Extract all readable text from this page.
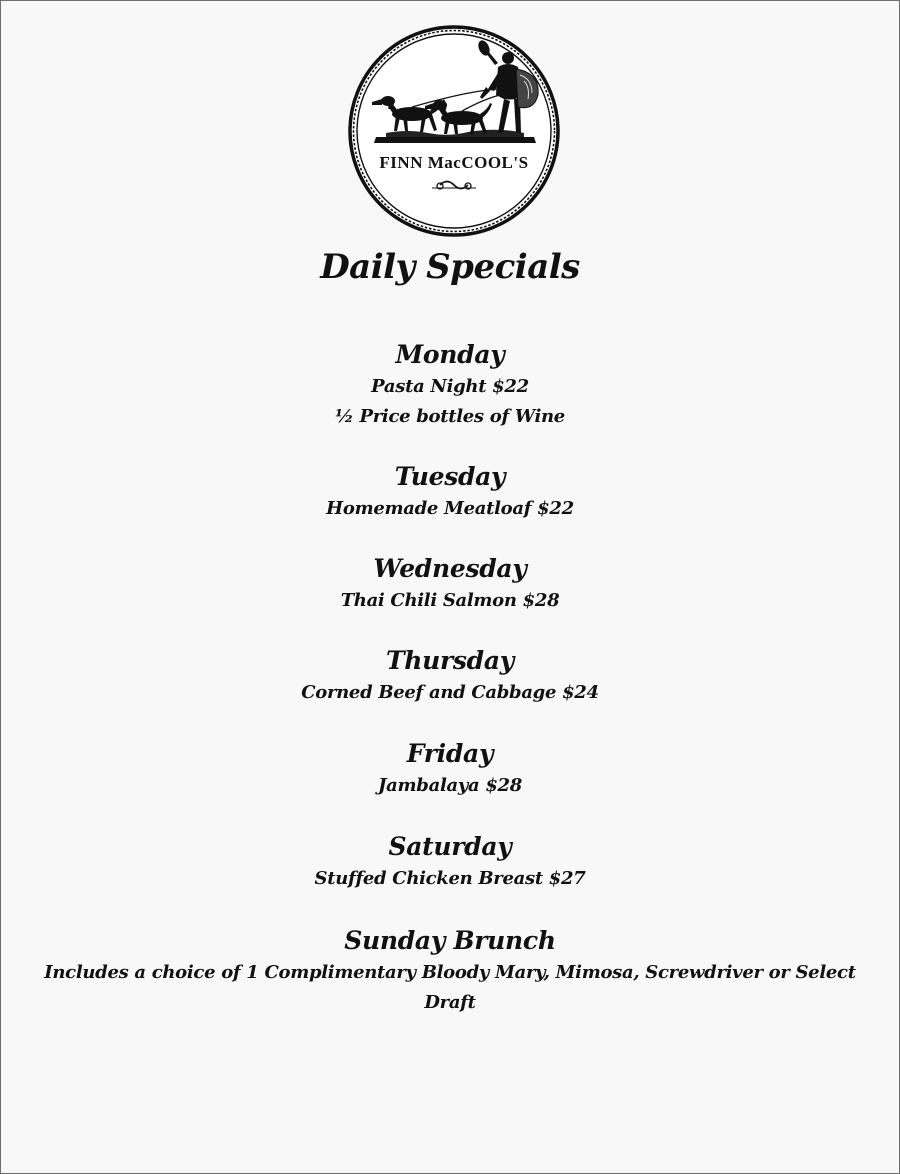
FINN MacCOOL'S
Daily Specials
Monday
Pasta Night $22
½ Price bottles of Wine
Tuesday
Homemade Meatloaf $22
Wednesday
Thai Chili Salmon $28
Thursday
Corned Beef and Cabbage $24
Friday
Jambalaya $28
Saturday
Stuffed Chicken Breast $27
Sunday Brunch
Includes a choice of 1 Complimentary Bloody Mary, Mimosa, Screwdriver or Select Draft
